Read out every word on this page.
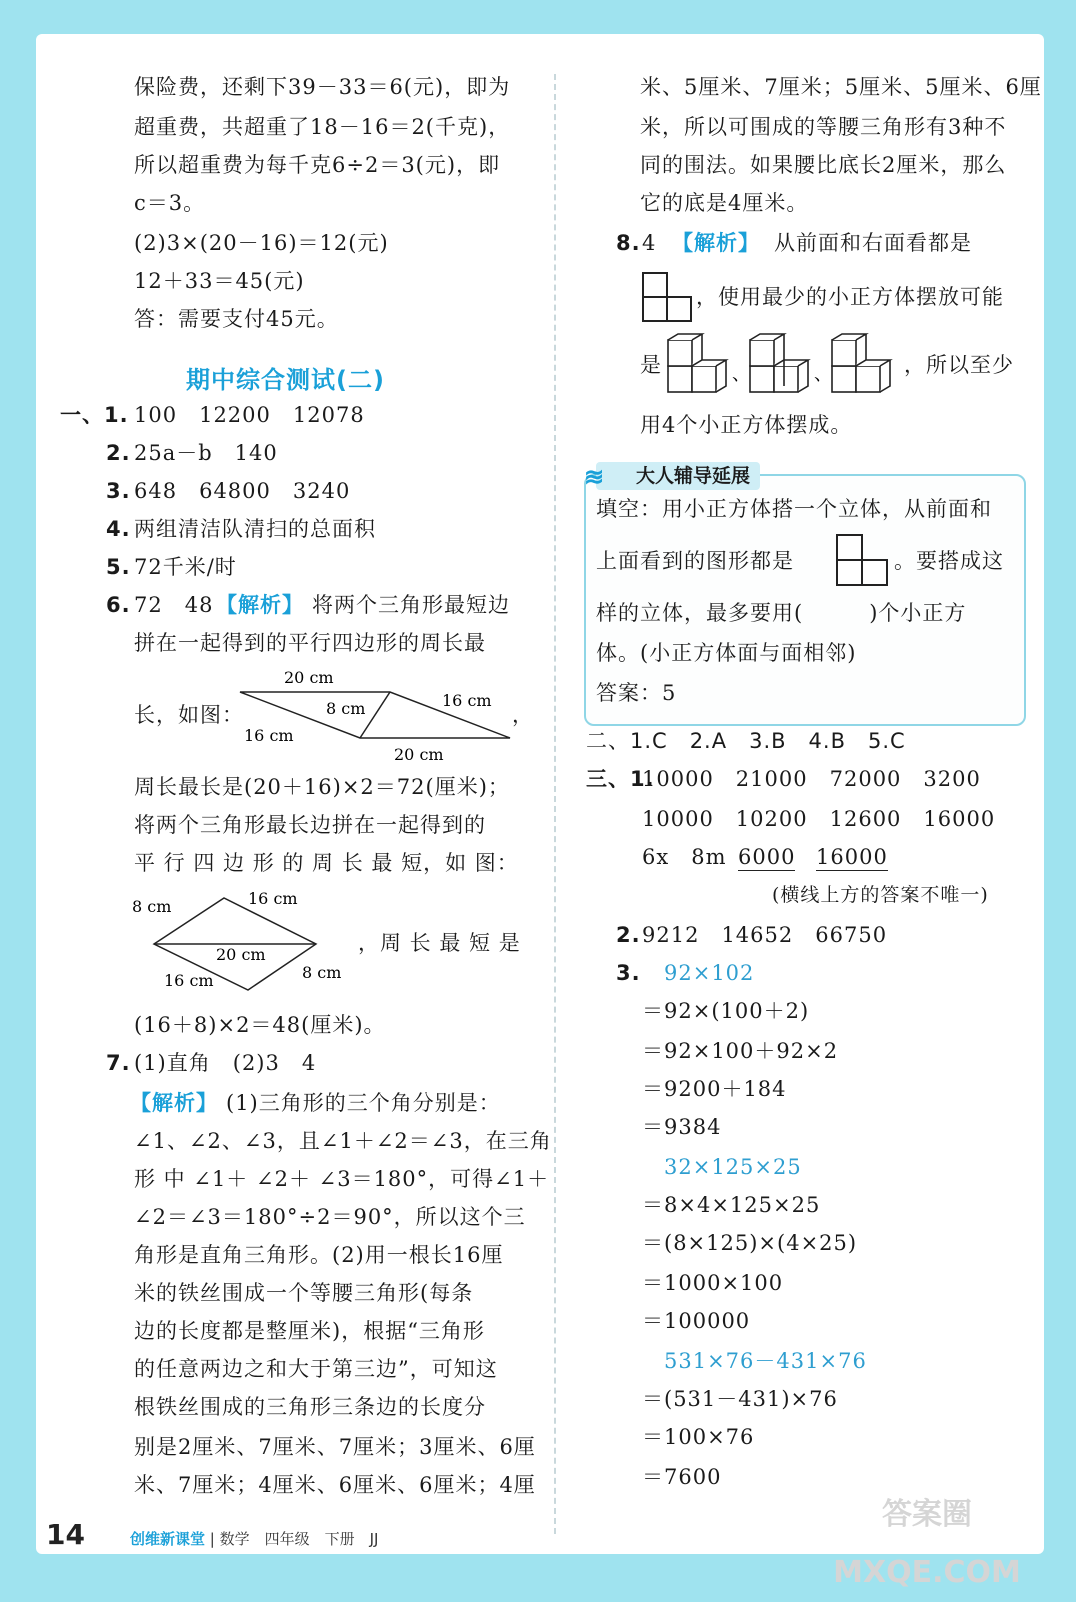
保险费，还剩下39－33＝6(元)，即为
超重费，共超重了18－16＝2(千克)，
所以超重费为每千克6÷2＝3(元)，即
c＝3。
(2)3×(20－16)＝12(元)
12＋33＝45(元)
答：需要支付45元。
期中综合测试(二)
一、1. 100　12200　12078
2. 25a－b　140
3. 648　64800　3240
4. 两组清洁队清扫的总面积
5. 72千米/时
6. 72　48 【解析】 将两个三角形最短边
拼在一起得到的平行四边形的周长最
长，如图：
20 cm
8 cm	16 cm
16 cm
20 cm
，
周长最长是(20＋16)×2＝72(厘米)；
将两个三角形最长边拼在一起得到的
平 行 四 边 形 的 周 长 最 短，如 图：
8 cm	16 cm
20 cm
16 cm	8 cm
，周 长 最 短 是
(16＋8)×2＝48(厘米)。
7. (1)直角　(2)3　4
【解析】 (1)三角形的三个角分别是：
∠1、∠2、∠3，且∠1＋∠2＝∠3，在三角
形 中 ∠1＋ ∠2＋ ∠3＝180°，可得∠1＋
∠2＝∠3＝180°÷2＝90°，所以这个三
角形是直角三角形。(2)用一根长16厘
米的铁丝围成一个等腰三角形(每条
边的长度都是整厘米)，根据“三角形
的任意两边之和大于第三边”，可知这
根铁丝围成的三角形三条边的长度分
别是2厘米、7厘米、7厘米；3厘米、6厘
米、7厘米；4厘米、6厘米、6厘米；4厘
米、5厘米、7厘米；5厘米、5厘米、6厘
米，所以可围成的等腰三角形有3种不
同的围法。如果腰比底长2厘米，那么
它的底是4厘米。
8. 4 【解析】 从前面和右面看都是
，使用最少的小正方体摆放可能
是	、	、	，所以至少
用4个小正方体摆成。
大人辅导延展
≋
填空：用小正方体搭一个立体，从前面和
上面看到的图形都是	。要搭成这
样的立体，最多要用(　　　)个小正方
体。(小正方体面与面相邻)
答案：5
二、1.C　2.A　3.B　4.B　5.C
三、1.
10000　21000　72000　3200
10000　10200　12600　16000
6x　8m 6000 16000
(横线上方的答案不唯一)
2. 9212　14652　66750
3. 92×102
＝92×(100＋2)
＝92×100＋92×2
＝9200＋184
＝9384
32×125×25
＝8×4×125×25
＝(8×125)×(4×25)
＝1000×100
＝100000
531×76－431×76
＝(531－431)×76
＝100×76
＝7600
答案圈 MXQE.COM
14	创维新课堂 | 数学　四年级　下册　JJ
